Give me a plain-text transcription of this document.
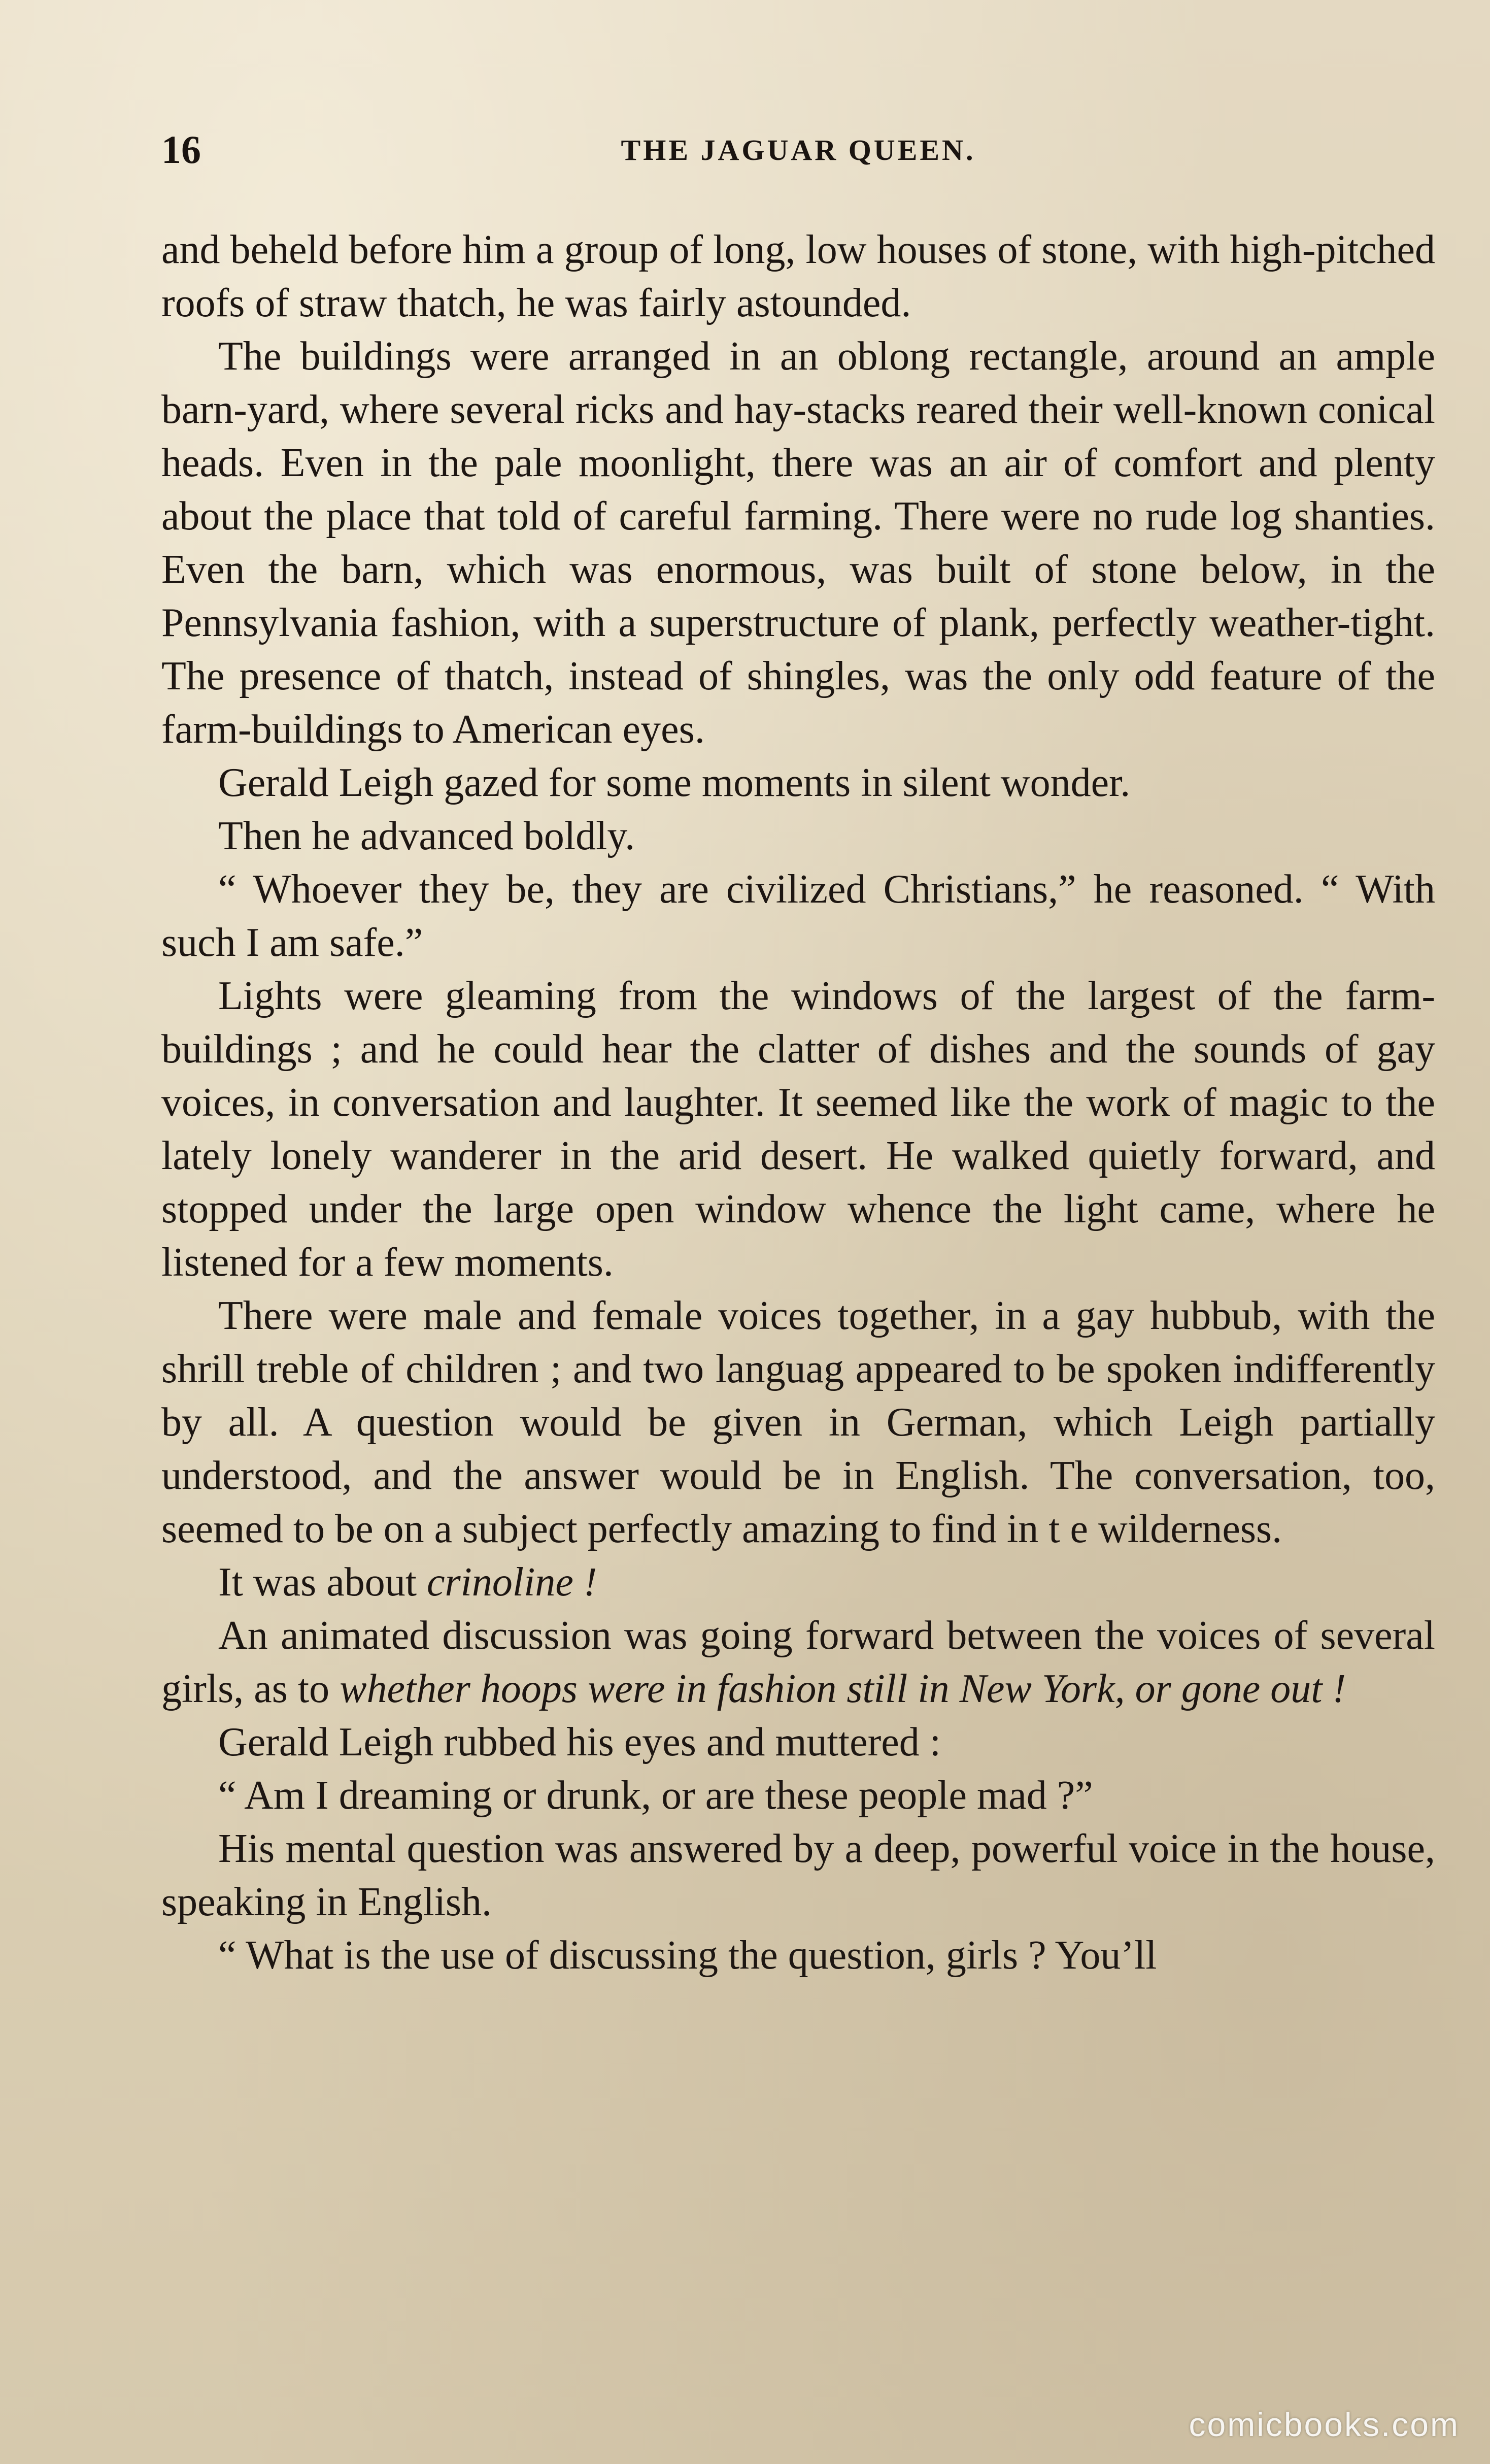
16	THE JAGUAR QUEEN.

and beheld before him a group of long, low houses of stone, with high-pitched roofs of straw thatch, he was fairly astounded.

The buildings were arranged in an oblong rectangle, around an ample barn-yard, where several ricks and hay-stacks reared their well-known conical heads. Even in the pale moonlight, there was an air of comfort and plenty about the place that told of careful farming. There were no rude log shanties. Even the barn, which was enormous, was built of stone below, in the Pennsylvania fashion, with a superstructure of plank, perfectly weather-tight. The presence of thatch, instead of shingles, was the only odd feature of the farm-buildings to American eyes.

Gerald Leigh gazed for some moments in silent wonder.

Then he advanced boldly.

“ Whoever they be, they are civilized Christians,” he reasoned. “ With such I am safe.”

Lights were gleaming from the windows of the largest of the farm-buildings ; and he could hear the clatter of dishes and the sounds of gay voices, in conversation and laughter. It seemed like the work of magic to the lately lonely wanderer in the arid desert. He walked quietly forward, and stopped under the large open window whence the light came, where he listened for a few moments.

There were male and female voices together, in a gay hubbub, with the shrill treble of children ; and two languag appeared to be spoken indifferently by all. A question would be given in German, which Leigh partially understood, and the answer would be in English. The conversation, too, seemed to be on a subject perfectly amazing to find in t e wilderness.

It was about crinoline !

An animated discussion was going forward between the voices of several girls, as to whether hoops were in fashion still in New York, or gone out !

Gerald Leigh rubbed his eyes and muttered :

“ Am I dreaming or drunk, or are these people mad ?”

His mental question was answered by a deep, powerful voice in the house, speaking in English.

“ What is the use of discussing the question, girls ? You’ll

comicbooks.com
